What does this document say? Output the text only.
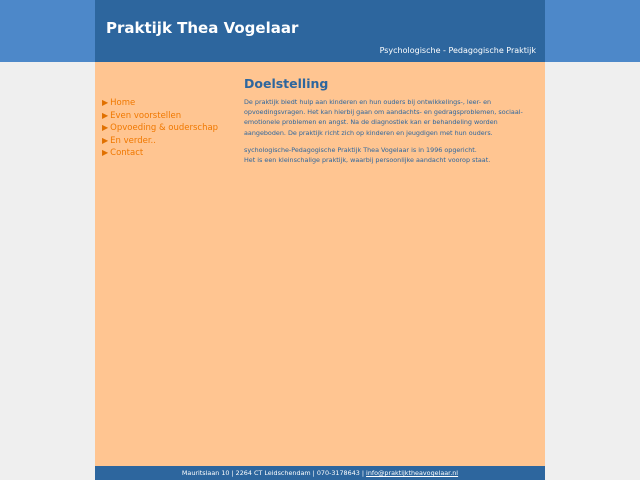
Praktijk Thea Vogelaar
Psychologische - Pedagogische Praktijk
▶ Home
▶ Even voorstellen
▶ Opvoeding & ouderschap
▶ En verder..
▶ Contact
Doelstelling

De praktijk biedt hulp aan kinderen en hun ouders bij ontwikkelings-, leer- en opvoedingsvragen. Het kan hierbij gaan om aandachts- en gedragsproblemen, sociaal-emotionele problemen en angst. Na de diagnostiek kan er behandeling worden aangeboden. De praktijk richt zich op kinderen en jeugdigen met hun ouders.

sychologische-Pedagogische Praktijk Thea Vogelaar is in 1996 opgericht.
Het is een kleinschalige praktijk, waarbij persoonlijke aandacht voorop staat.

Mauritslaan 10 | 2264 CT Leidschendam | 070-3178643 | info@praktijktheavogelaar.nl
